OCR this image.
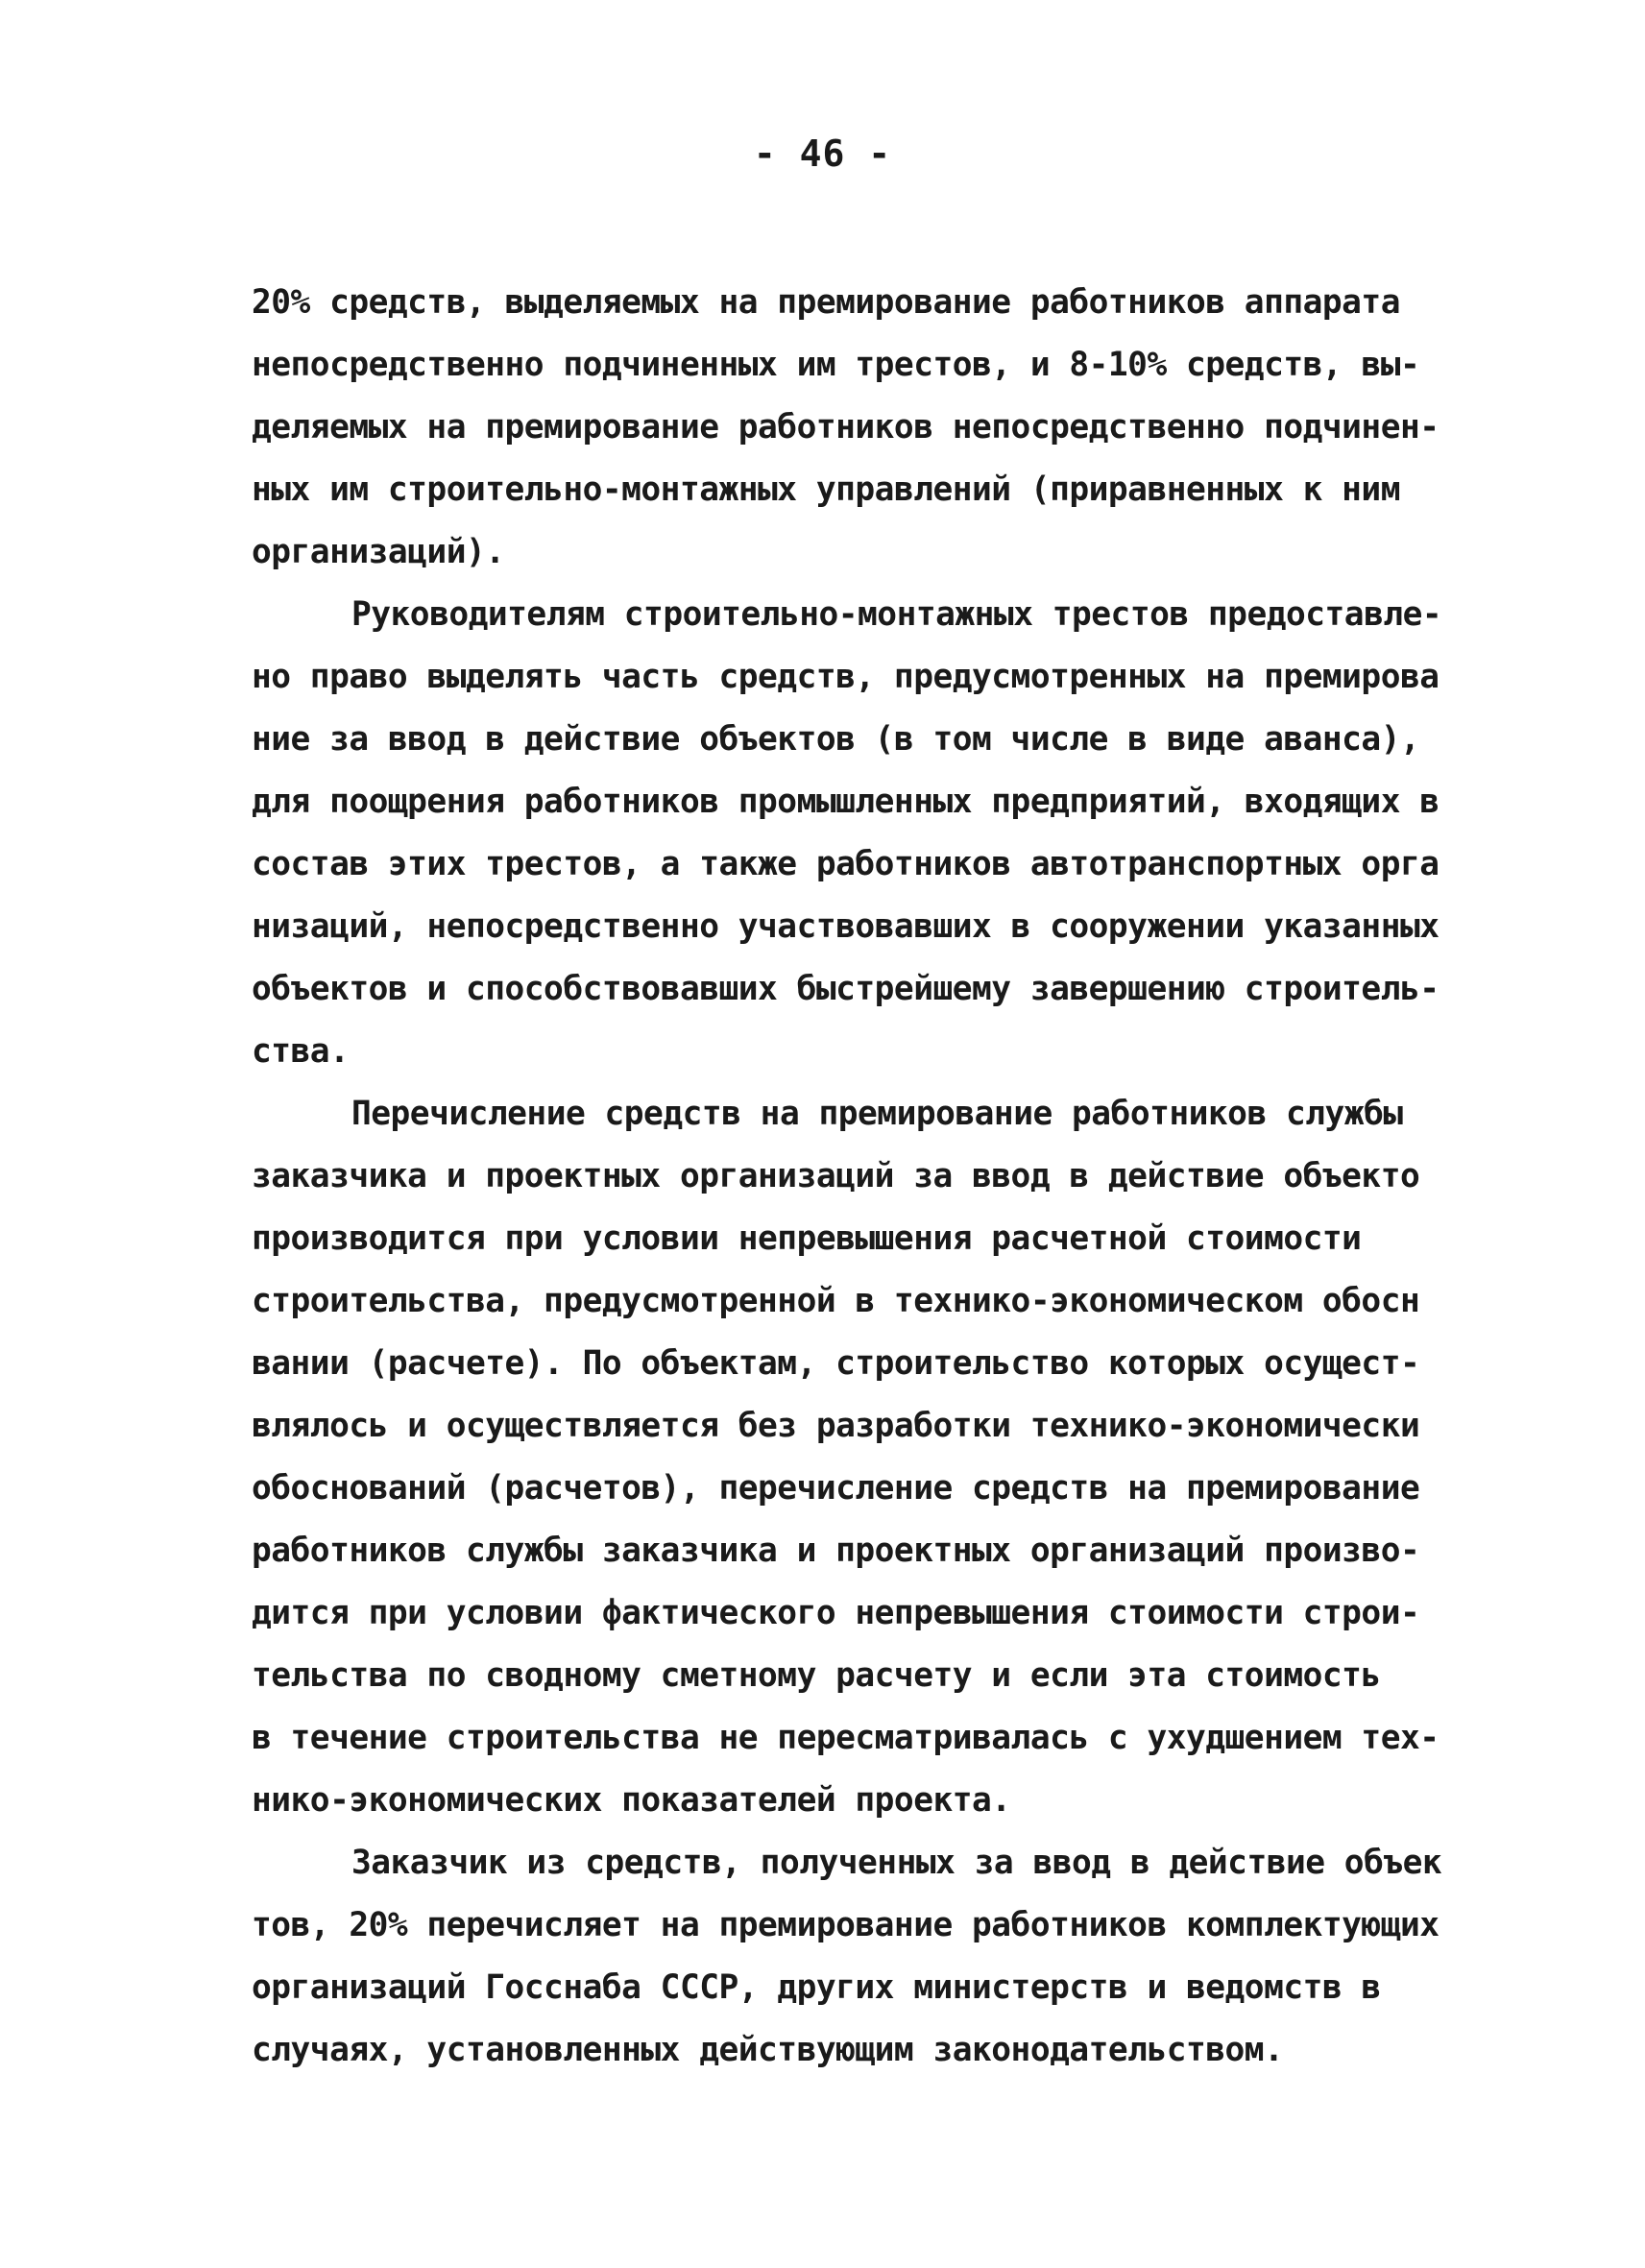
- 46 -
20% средств, выделяемых на премирование работников аппарата
непосредственно подчиненных им трестов, и 8-10% средств, вы-
деляемых на премирование работников непосредственно подчинен-
ных им строительно-монтажных управлений (приравненных к ним
организаций).
Руководителям строительно-монтажных трестов предоставле-
но право выделять часть средств, предусмотренных на премирова
ние за ввод в действие объектов (в том числе в виде аванса),
для поощрения работников промышленных предприятий, входящих в
состав этих трестов, а также работников автотранспортных орга
низаций, непосредственно участвовавших в сооружении указанных
объектов и способствовавших быстрейшему завершению строитель-
ства.
Перечисление средств на премирование работников службы
заказчика и проектных организаций за ввод в действие объекто
производится при условии непревышения расчетной стоимости
строительства, предусмотренной в технико-экономическом обосн
вании (расчете). По объектам, строительство которых осущест-
влялось и осуществляется без разработки технико-экономически
обоснований (расчетов), перечисление средств на премирование
работников службы заказчика и проектных организаций произво-
дится при условии фактического непревышения стоимости строи-
тельства по сводному сметному расчету и если эта стоимость
в течение строительства не пересматривалась с ухудшением тех-
нико-экономических показателей проекта.
Заказчик из средств, полученных за ввод в действие объек
тов, 20% перечисляет на премирование работников комплектующих
организаций Госснаба СССР, других министерств и ведомств в
случаях, установленных действующим законодательством.
